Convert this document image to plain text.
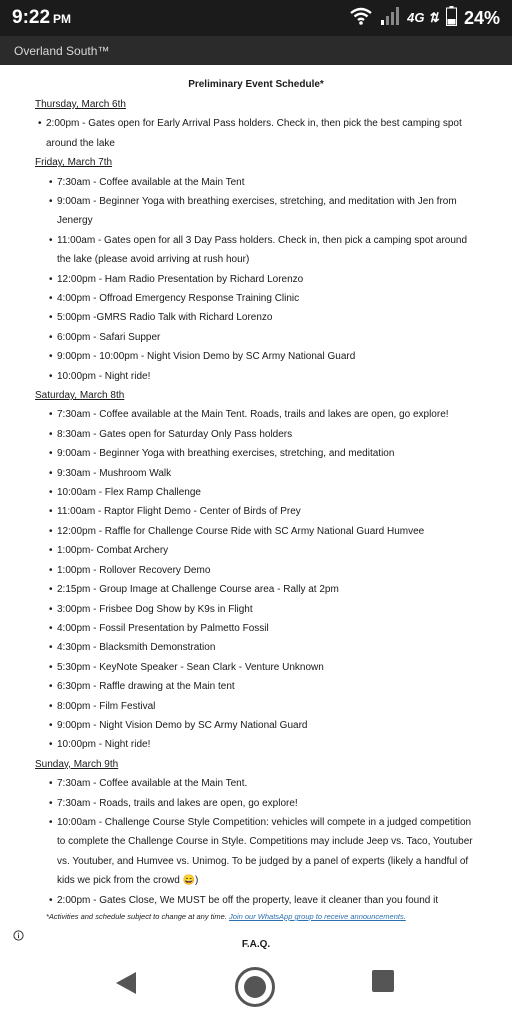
9:22 PM	4G ⇅ 24%
Overland South™
Preliminary Event Schedule*
Thursday, March 6th
• 2:00pm - Gates open for Early Arrival Pass holders. Check in, then pick the best camping spot around the lake
Friday, March 7th
• 7:30am - Coffee available at the Main Tent
• 9:00am - Beginner Yoga with breathing exercises, stretching, and meditation with Jen from Jenergy
• 11:00am - Gates open for all 3 Day Pass holders. Check in, then pick a camping spot around the lake (please avoid arriving at rush hour)
• 12:00pm - Ham Radio Presentation by Richard Lorenzo
• 4:00pm - Offroad Emergency Response Training Clinic
• 5:00pm -GMRS Radio Talk with Richard Lorenzo
• 6:00pm - Safari Supper
• 9:00pm - 10:00pm - Night Vision Demo by SC Army National Guard
• 10:00pm - Night ride!
Saturday, March 8th
• 7:30am - Coffee available at the Main Tent. Roads, trails and lakes are open, go explore!
• 8:30am - Gates open for Saturday Only Pass holders
• 9:00am - Beginner Yoga with breathing exercises, stretching, and meditation
• 9:30am - Mushroom Walk
• 10:00am - Flex Ramp Challenge
• 11:00am - Raptor Flight Demo - Center of Birds of Prey
• 12:00pm - Raffle for Challenge Course Ride with SC Army National Guard Humvee
• 1:00pm- Combat Archery
• 1:00pm - Rollover Recovery Demo
• 2:15pm - Group Image at Challenge Course area - Rally at 2pm
• 3:00pm - Frisbee Dog Show by K9s in Flight
• 4:00pm - Fossil Presentation by Palmetto Fossil
• 4:30pm - Blacksmith Demonstration
• 5:30pm - KeyNote Speaker - Sean Clark - Venture Unknown
• 6:30pm - Raffle drawing at the Main tent
• 8:00pm - Film Festival
• 9:00pm - Night Vision Demo by SC Army National Guard
• 10:00pm - Night ride!
Sunday, March 9th
• 7:30am - Coffee available at the Main Tent.
• 7:30am - Roads, trails and lakes are open, go explore!
• 10:00am - Challenge Course Style Competition: vehicles will compete in a judged competition to complete the Challenge Course in Style. Competitions may include Jeep vs. Taco, Youtuber vs. Youtuber, and Humvee vs. Unimog. To be judged by a panel of experts (likely a handful of kids we pick from the crowd 😄)
• 2:00pm - Gates Close, We MUST be off the property, leave it cleaner than you found it
*Activities and schedule subject to change at any time. Join our WhatsApp group to receive announcements.
F.A.Q.
